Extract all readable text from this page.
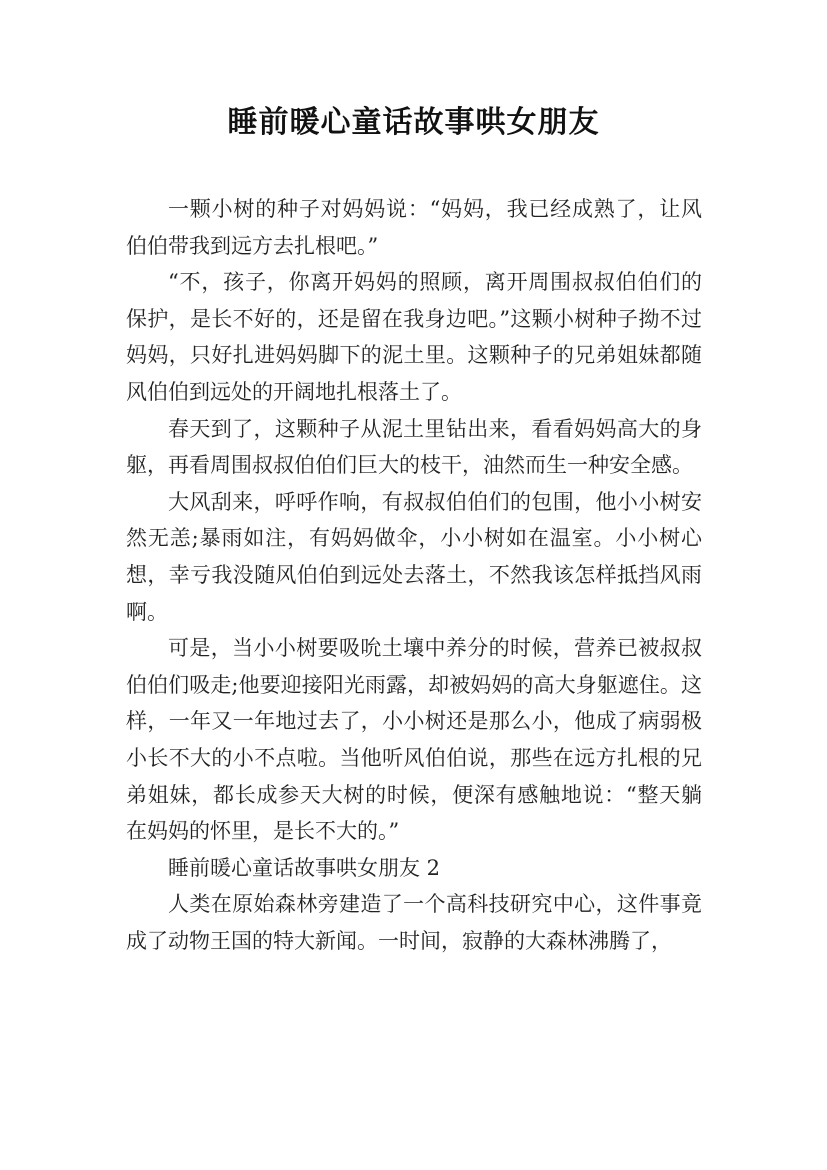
睡前暖心童话故事哄女朋友

一颗小树的种子对妈妈说：“妈妈，我已经成熟了，让风伯伯带我到远方去扎根吧。”

“不，孩子，你离开妈妈的照顾，离开周围叔叔伯伯们的保护，是长不好的，还是留在我身边吧。”这颗小树种子拗不过妈妈，只好扎进妈妈脚下的泥土里。这颗种子的兄弟姐妹都随风伯伯到远处的开阔地扎根落土了。

春天到了，这颗种子从泥土里钻出来，看看妈妈高大的身躯，再看周围叔叔伯伯们巨大的枝干，油然而生一种安全感。

大风刮来，呼呼作响，有叔叔伯伯们的包围，他小小树安然无恙;暴雨如注，有妈妈做伞，小小树如在温室。小小树心想，幸亏我没随风伯伯到远处去落土，不然我该怎样抵挡风雨啊。

可是，当小小树要吸吮土壤中养分的时候，营养已被叔叔伯伯们吸走;他要迎接阳光雨露，却被妈妈的高大身躯遮住。这样，一年又一年地过去了，小小树还是那么小，他成了病弱极小长不大的小不点啦。当他听风伯伯说，那些在远方扎根的兄弟姐妹，都长成参天大树的时候，便深有感触地说：“整天躺在妈妈的怀里，是长不大的。”

睡前暖心童话故事哄女朋友 2

人类在原始森林旁建造了一个高科技研究中心，这件事竟成了动物王国的特大新闻。一时间，寂静的大森林沸腾了，
